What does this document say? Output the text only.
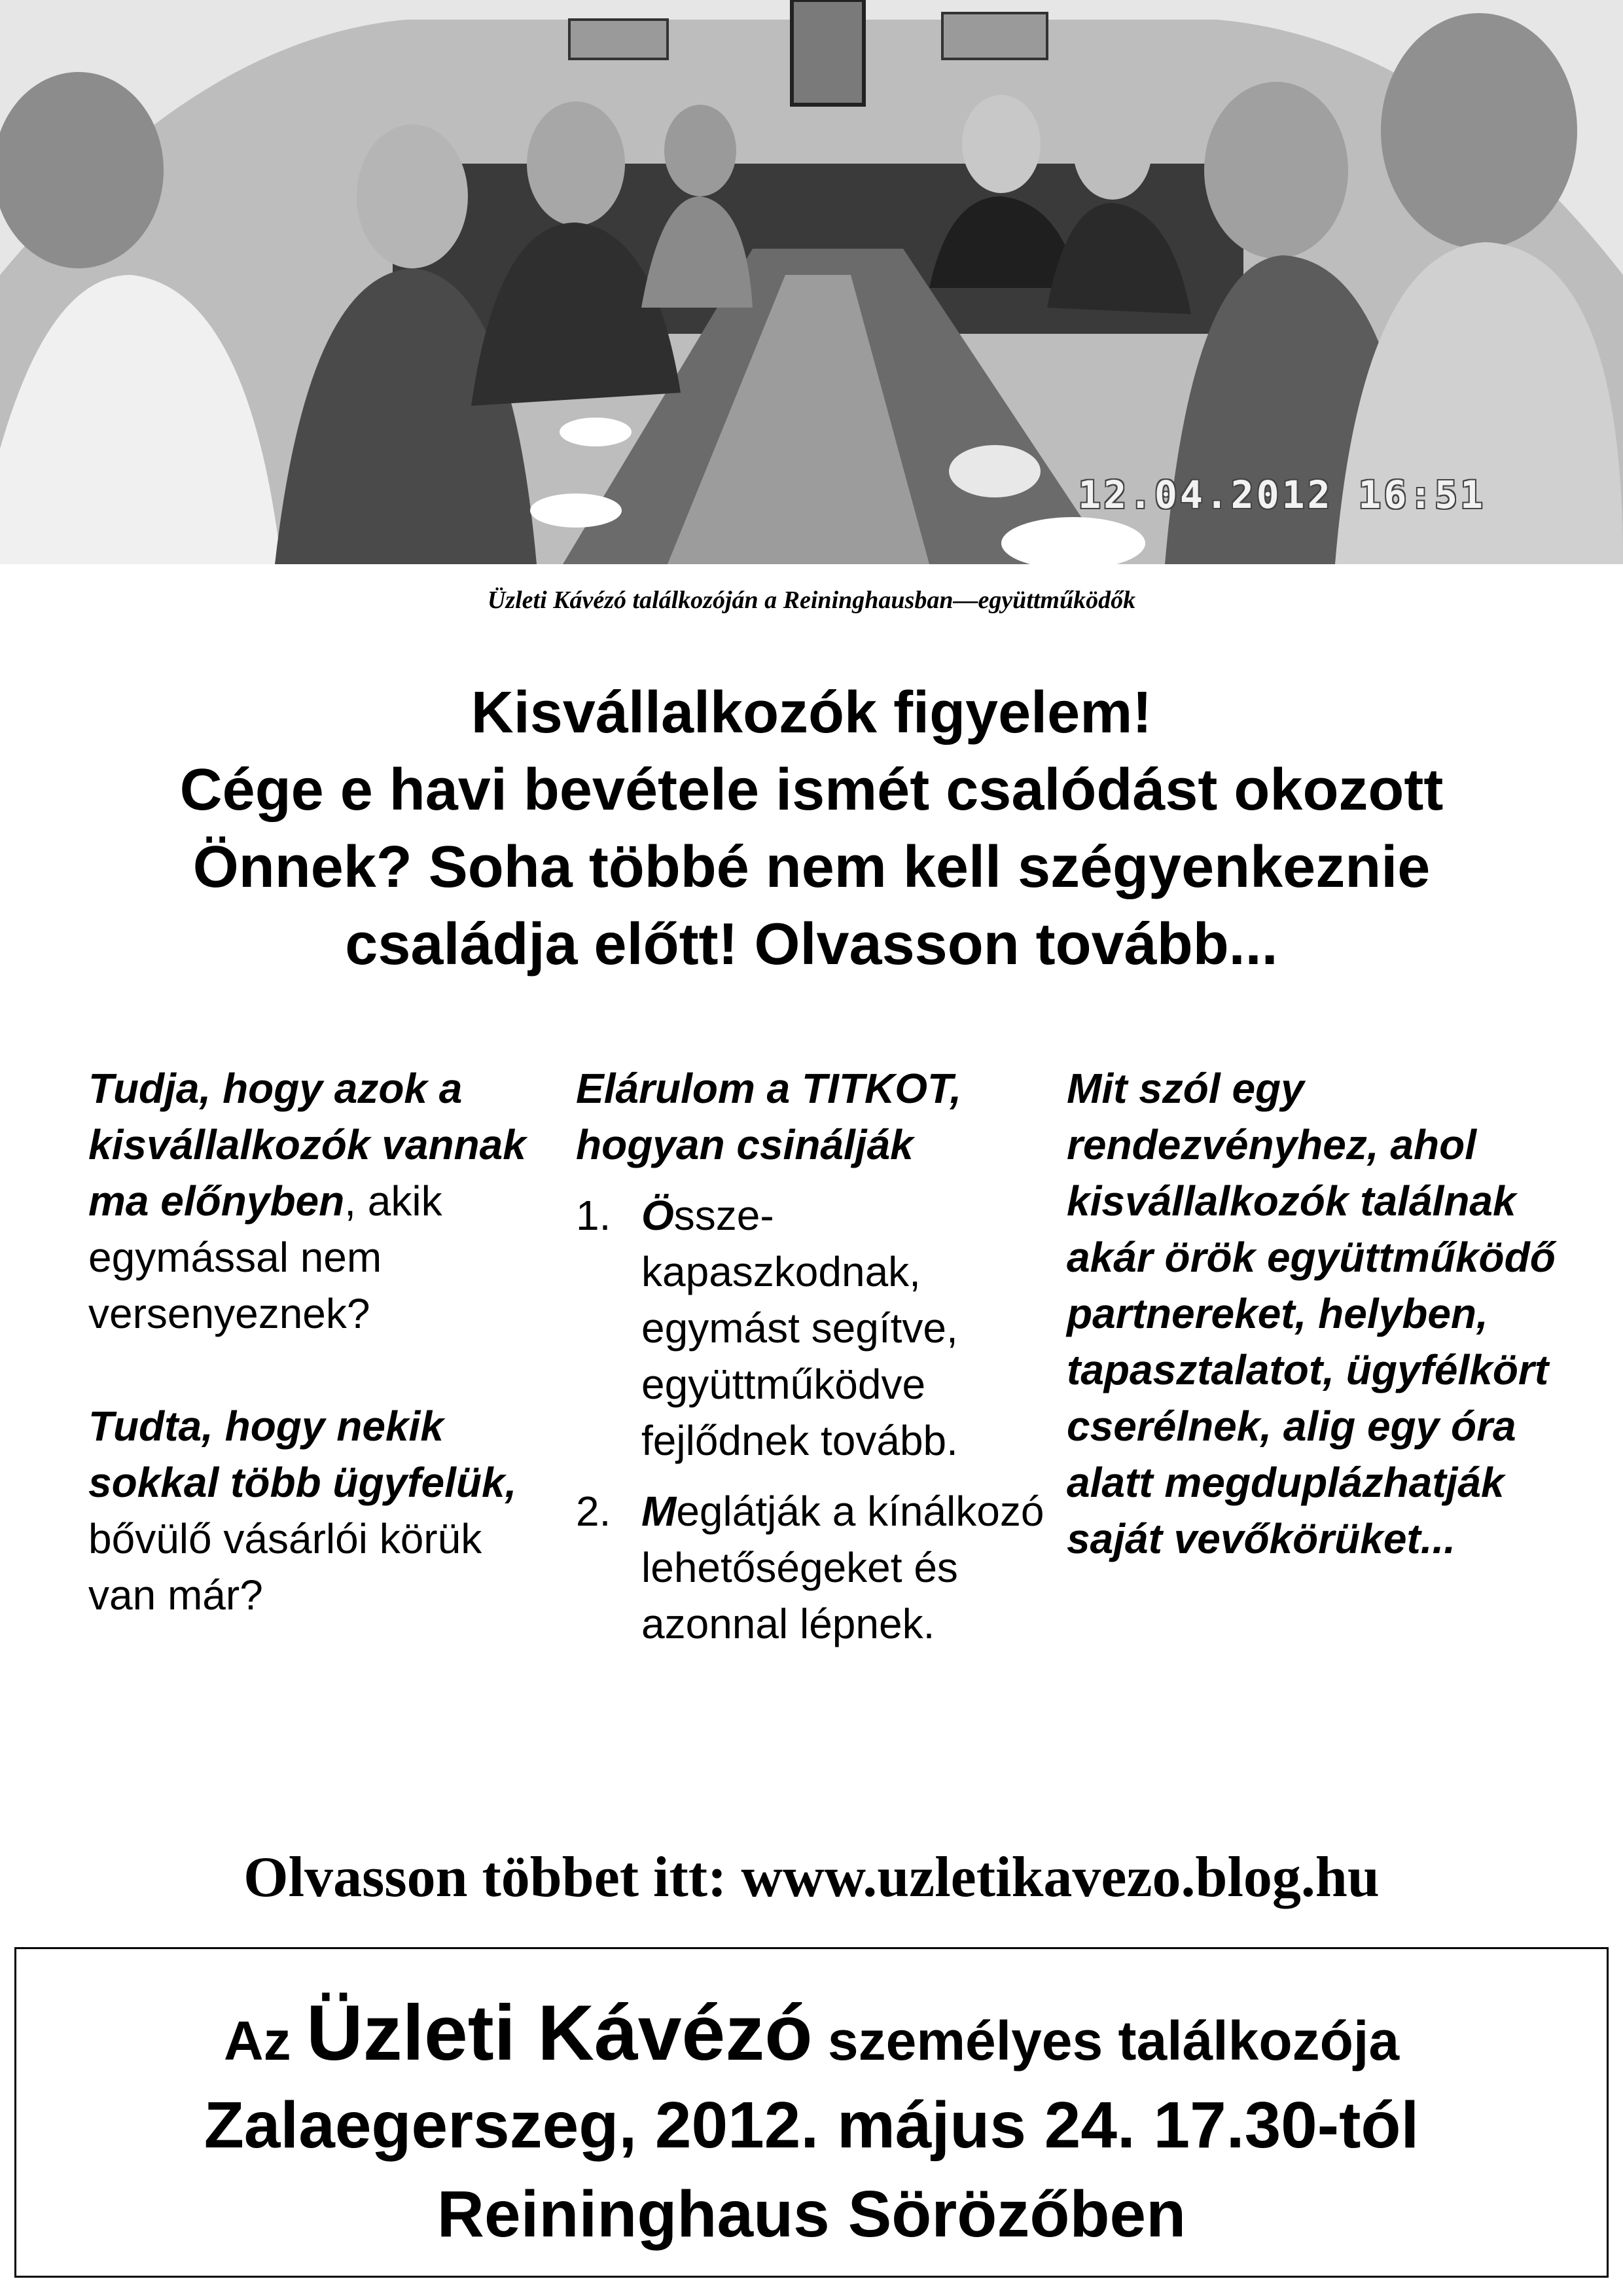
12.04.2012 16:51
Üzleti Kávézó találkozóján a Reininghausban—együttműködők
Kisvállalkozók figyelem!
Cége e havi bevétele ismét csalódást okozott
Önnek? Soha többé nem kell szégyenkeznie
családja előtt! Olvasson tovább...

Tudja, hogy azok a kisvállalkozók vannak ma előnyben, akik egymással nem versenyeznek?

Tudta, hogy nekik sokkal több ügyfelük, bővülő vásárlói körük van már?

Elárulom a TITKOT, hogyan csinálják

1. Össze-kapaszkodnak, egymást segítve, együttműködve fejlődnek tovább.
2. Meglátják a kínálkozó lehetőségeket és azonnal lépnek.

Mit szól egy rendezvényhez, ahol kisvállalkozók találnak akár örök együttműködő partnereket, helyben, tapasztalatot, ügyfélkört cserélnek, alig egy óra alatt megduplázhatják saját vevőkörüket...

Olvasson többet itt: www.uzletikavezo.blog.hu
Az Üzleti Kávézó személyes találkozója
Zalaegerszeg, 2012. május 24. 17.30-tól
Reininghaus Sörözőben
